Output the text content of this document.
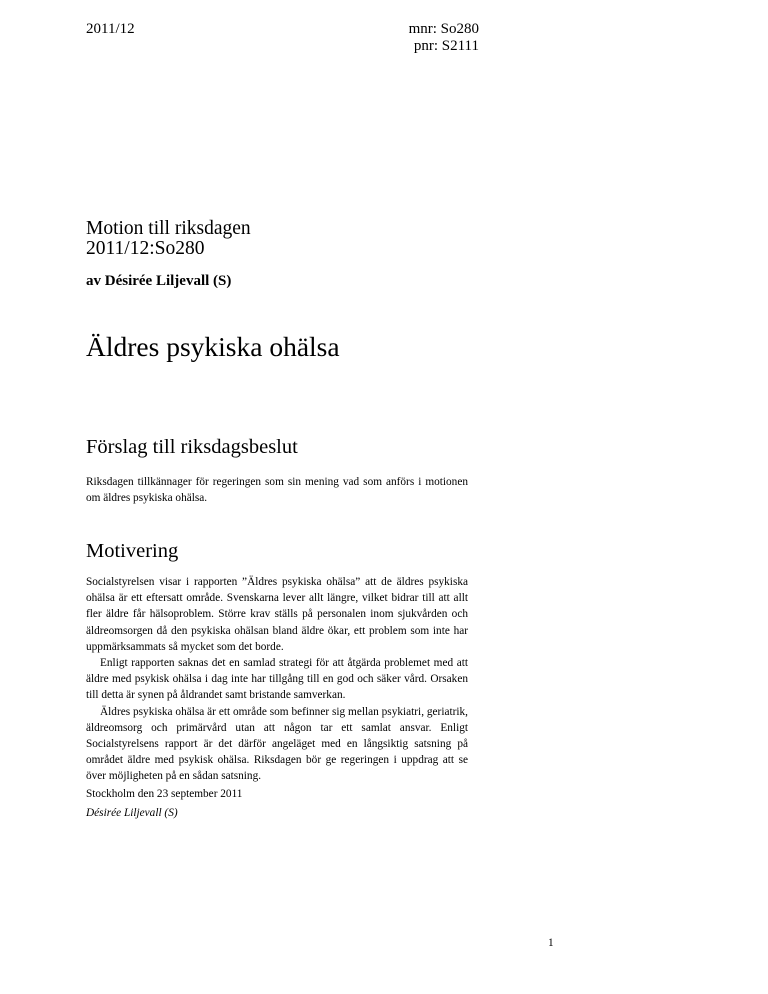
2011/12	mnr: So280
pnr: S2111
Motion till riksdagen
2011/12:So280
av Désirée Liljevall (S)
Äldres psykiska ohälsa
Förslag till riksdagsbeslut

Riksdagen tillkännager för regeringen som sin mening vad som anförs i motionen om äldres psykiska ohälsa.

Motivering

Socialstyrelsen visar i rapporten ”Äldres psykiska ohälsa” att de äldres psykiska ohälsa är ett eftersatt område. Svenskarna lever allt längre, vilket bidrar till att allt fler äldre får hälsoproblem. Större krav ställs på personalen inom sjukvården och äldreomsorgen då den psykiska ohälsan bland äldre ökar, ett problem som inte har uppmärksammats så mycket som det borde.

Enligt rapporten saknas det en samlad strategi för att åtgärda problemet med att äldre med psykisk ohälsa i dag inte har tillgång till en god och säker vård. Orsaken till detta är synen på åldrandet samt bristande samverkan.

Äldres psykiska ohälsa är ett område som befinner sig mellan psykiatri, geriatrik, äldreomsorg och primärvård utan att någon tar ett samlat ansvar. Enligt Socialstyrelsens rapport är det därför angeläget med en långsiktig satsning på området äldre med psykisk ohälsa. Riksdagen bör ge regeringen i uppdrag att se över möjligheten på en sådan satsning.

Stockholm den 23 september 2011
Désirée Liljevall (S)
1
